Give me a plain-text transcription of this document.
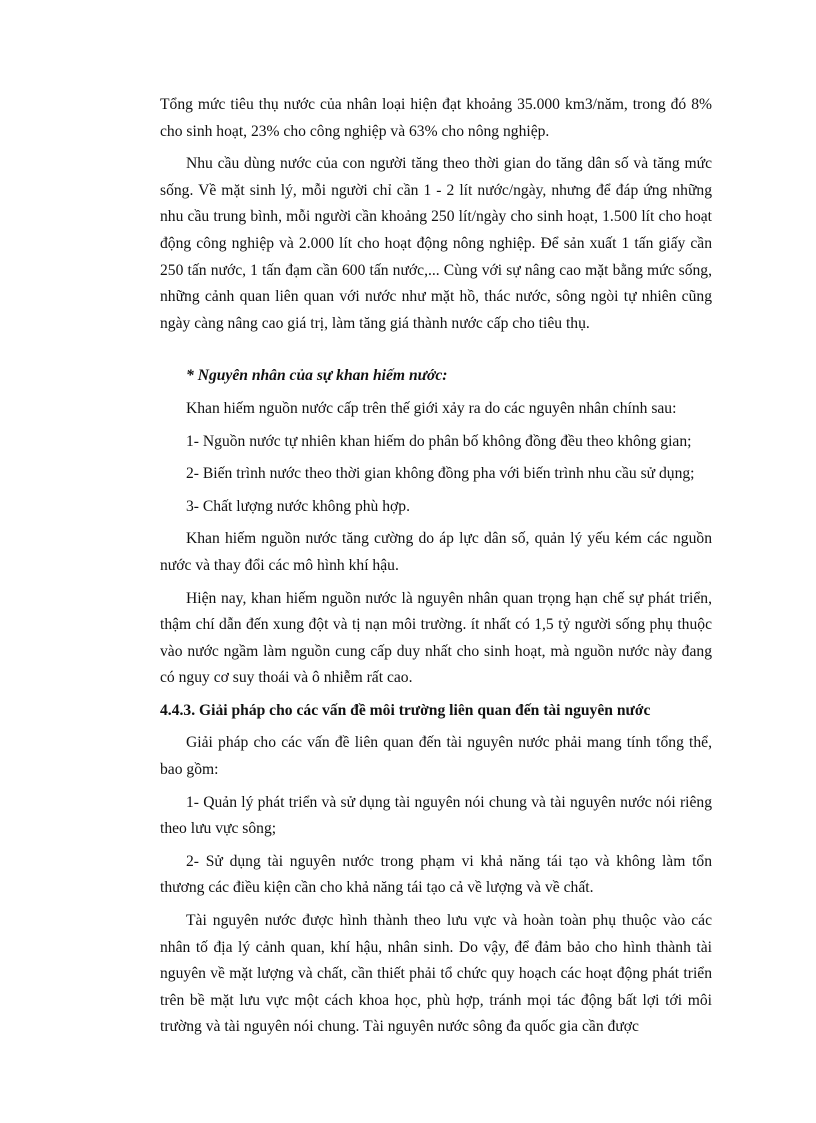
Tổng mức tiêu thụ nước của nhân loại hiện đạt khoảng 35.000 km3/năm, trong đó 8% cho sinh hoạt, 23% cho công nghiệp và 63% cho nông nghiệp.

Nhu cầu dùng nước của con người tăng theo thời gian do tăng dân số và tăng mức sống. Về mặt sinh lý, mỗi người chỉ cần 1 - 2 lít nước/ngày, nhưng để đáp ứng những nhu cầu trung bình, mỗi người cần khoảng 250 lít/ngày cho sinh hoạt, 1.500 lít cho hoạt động công nghiệp và 2.000 lít cho hoạt động nông nghiệp. Để sản xuất 1 tấn giấy cần 250 tấn nước, 1 tấn đạm cần 600 tấn nước,... Cùng với sự nâng cao mặt bằng mức sống, những cảnh quan liên quan với nước như mặt hồ, thác nước, sông ngòi tự nhiên cũng ngày càng nâng cao giá trị, làm tăng giá thành nước cấp cho tiêu thụ.

* Nguyên nhân của sự khan hiếm nước:

Khan hiếm nguồn nước cấp trên thế giới xảy ra do các nguyên nhân chính sau:

1- Nguồn nước tự nhiên khan hiếm do phân bố không đồng đều theo không gian;

2- Biến trình nước theo thời gian không đồng pha với biến trình nhu cầu sử dụng;

3- Chất lượng nước không phù hợp.

Khan hiếm nguồn nước tăng cường do áp lực dân số, quản lý yếu kém các nguồn nước và thay đổi các mô hình khí hậu.

Hiện nay, khan hiếm nguồn nước là nguyên nhân quan trọng hạn chế sự phát triển, thậm chí dẫn đến xung đột và tị nạn môi trường. ít nhất có 1,5 tỷ người sống phụ thuộc vào nước ngầm làm nguồn cung cấp duy nhất cho sinh hoạt, mà nguồn nước này đang có nguy cơ suy thoái và ô nhiễm rất cao.

4.4.3. Giải pháp cho các vấn đề môi trường liên quan đến tài nguyên nước

Giải pháp cho các vấn đề liên quan đến tài nguyên nước phải mang tính tổng thể, bao gồm:

1- Quản lý phát triển và sử dụng tài nguyên nói chung và tài nguyên nước nói riêng theo lưu vực sông;

2- Sử dụng tài nguyên nước trong phạm vi khả năng tái tạo và không làm tổn thương các điều kiện cần cho khả năng tái tạo cả về lượng và về chất.

Tài nguyên nước được hình thành theo lưu vực và hoàn toàn phụ thuộc vào các nhân tố địa lý cảnh quan, khí hậu, nhân sinh. Do vậy, để đảm bảo cho hình thành tài nguyên về mặt lượng và chất, cần thiết phải tổ chức quy hoạch các hoạt động phát triển trên bề mặt lưu vực một cách khoa học, phù hợp, tránh mọi tác động bất lợi tới môi trường và tài nguyên nói chung. Tài nguyên nước sông đa quốc gia cần được
